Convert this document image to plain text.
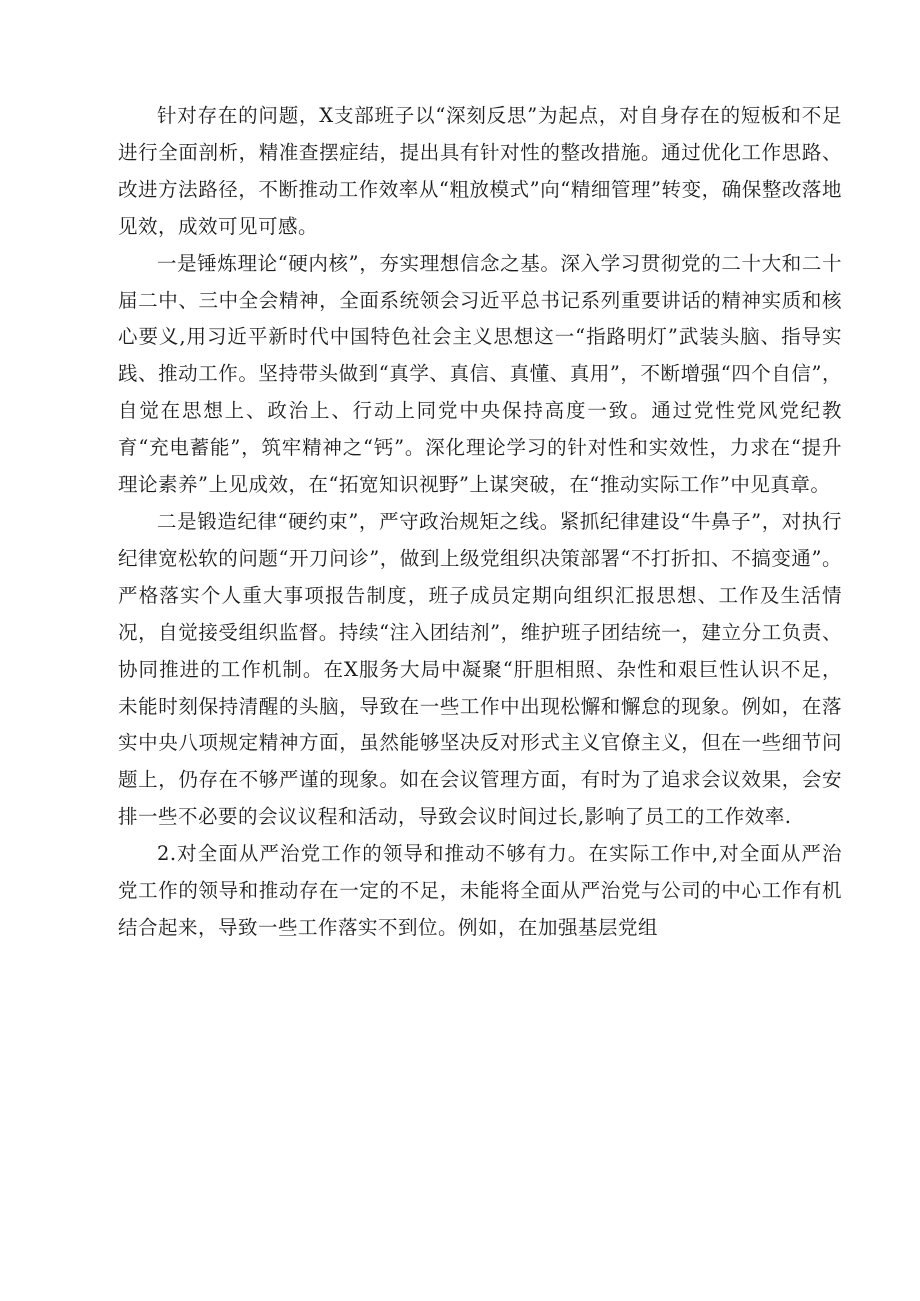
针对存在的问题，X支部班子以“深刻反思”为起点，对自身存在的短板和不足进行全面剖析，精准查摆症结，提出具有针对性的整改措施。通过优化工作思路、改进方法路径，不断推动工作效率从“粗放模式”向“精细管理”转变，确保整改落地见效，成效可见可感。

一是锤炼理论“硬内核”，夯实理想信念之基。深入学习贯彻党的二十大和二十届二中、三中全会精神，全面系统领会习近平总书记系列重要讲话的精神实质和核心要义,用习近平新时代中国特色社会主义思想这一“指路明灯”武装头脑、指导实践、推动工作。坚持带头做到“真学、真信、真懂、真用”，不断增强“四个自信”，自觉在思想上、政治上、行动上同党中央保持高度一致。通过党性党风党纪教育“充电蓄能”，筑牢精神之“钙”。深化理论学习的针对性和实效性，力求在“提升理论素养”上见成效，在“拓宽知识视野”上谋突破，在“推动实际工作”中见真章。

二是锻造纪律“硬约束”，严守政治规矩之线。紧抓纪律建设“牛鼻子”，对执行纪律宽松软的问题“开刀问诊”，做到上级党组织决策部署“不打折扣、不搞变通”。严格落实个人重大事项报告制度，班子成员定期向组织汇报思想、工作及生活情况，自觉接受组织监督。持续“注入团结剂”，维护班子团结统一，建立分工负责、协同推进的工作机制。在X服务大局中凝聚“肝胆相照、杂性和艰巨性认识不足，未能时刻保持清醒的头脑，导致在一些工作中出现松懈和懈怠的现象。例如，在落实中央八项规定精神方面，虽然能够坚决反对形式主义官僚主义，但在一些细节问题上，仍存在不够严谨的现象。如在会议管理方面，有时为了追求会议效果，会安排一些不必要的会议议程和活动，导致会议时间过长,影响了员工的工作效率.

2.对全面从严治党工作的领导和推动不够有力。在实际工作中,对全面从严治党工作的领导和推动存在一定的不足，未能将全面从严治党与公司的中心工作有机结合起来，导致一些工作落实不到位。例如，在加强基层党组
